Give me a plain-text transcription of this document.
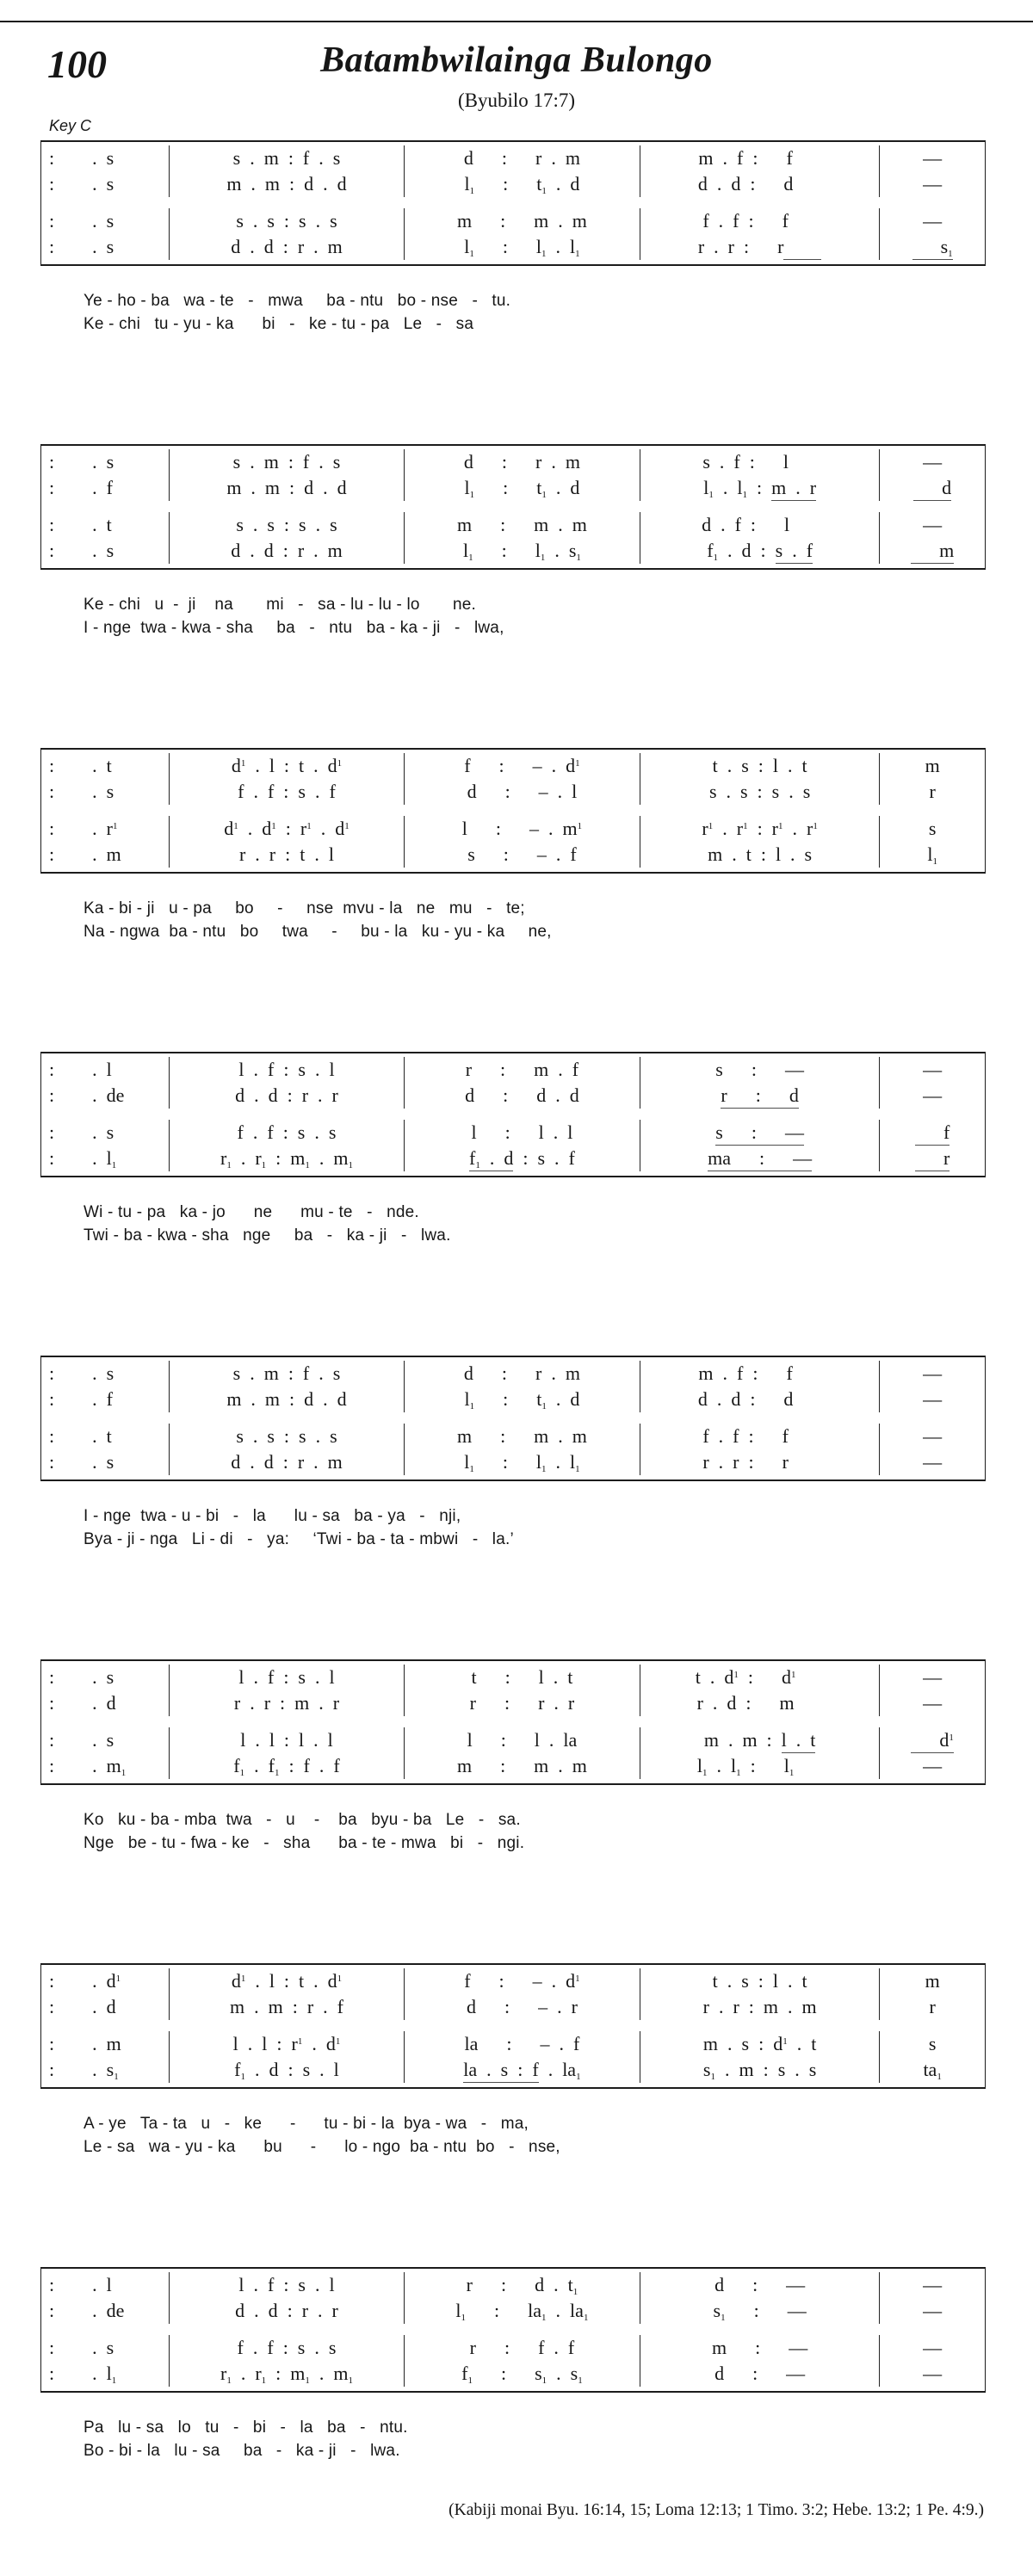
100	Batambwilainga Bulongo
(Byubilo 17:7)
Key C
:        .  s	s  .  m  :  f  .  s	d      :      r  .  m	m  .  f  :      f	—
:        .  s	m  .  m  :  d  .  d	$l_1$      :      $t_1$  .  d	d  .  d  :      d	—
:        .  s	s  .  s  :  s  .  s	m      :      m  .  m	f  .  f  :      f	—
:        .  s	d  .  d  :  r  .  m	$l_1$      :      $l_1$  .  $l_1$	r  .  r  :      r	$s_1$
Ye - ho - ba   wa - te   -   mwa     ba - ntu   bo - nse   -   tu.
Ke - chi   tu - yu - ka      bi   -   ke - tu - pa   Le   -   sa
:        .  s	s  .  m  :  f  .  s	d      :      r  .  m	s  .  f  :      l	—
:        .  f	m  .  m  :  d  .  d	$l_1$      :      $t_1$  .  d	$l_1$  .  $l_1$  :  m  .  r	d
:        .  t	s  .  s  :  s  .  s	m      :      m  .  m	d  .  f  :      l	—
:        .  s	d  .  d  :  r  .  m	$l_1$      :      $l_1$  .  $s_1$	$f_1$  .  d  :  s  .  f	m
Ke - chi   u  -  ji    na       mi   -   sa - lu - lu - lo       ne.
I - nge  twa - kwa - sha     ba   -   ntu   ba - ka - ji   -   lwa,
:        .  t	$d^1$  .  l  :  t  .  $d^1$	f      :      –  .  $d^1$	t  .  s  :  l  .  t	m
:        .  s	f  .  f  :  s  .  f	d      :      –  .  l	s  .  s  :  s  .  s	r
:        .  $r^1$	$d^1$  .  $d^1$  :  $r^1$  .  $d^1$	l      :      –  .  $m^1$	$r^1$  .  $r^1$  :  $r^1$  .  $r^1$	s
:        .  m	r  .  r  :  t  .  l	s      :      –  .  f	m  .  t  :  l  .  s	$l_1$
Ka - bi - ji   u - pa     bo     -     nse  mvu - la   ne   mu   -   te;
Na - ngwa  ba - ntu   bo     twa     -     bu - la   ku - yu - ka     ne,
:        .  l	l  .  f  :  s  .  l	r      :      m  .  f	s      :      —	—
:        .  de	d  .  d  :  r  .  r	d      :      d  .  d	r      :      d	—
:        .  s	f  .  f  :  s  .  s	l      :      l  .  l	s      :      —	f
:        .  $l_1$	$r_1$  .  $r_1$  :  $m_1$  .  $m_1$	$f_1$  .  d  :  s  .  f	ma      :      —	r
Wi - tu - pa   ka - jo      ne      mu - te   -   nde.
Twi - ba - kwa - sha   nge     ba   -   ka - ji   -   lwa.
:        .  s	s  .  m  :  f  .  s	d      :      r  .  m	m  .  f  :      f	—
:        .  f	m  .  m  :  d  .  d	$l_1$      :      $t_1$  .  d	d  .  d  :      d	—
:        .  t	s  .  s  :  s  .  s	m      :      m  .  m	f  .  f  :      f	—
:        .  s	d  .  d  :  r  .  m	$l_1$      :      $l_1$  .  $l_1$	r  .  r  :      r	—
I - nge  twa - u - bi   -   la      lu - sa   ba - ya   -   nji,
Bya - ji - nga   Li - di   -   ya:     ‘Twi - ba - ta - mbwi   -   la.’
:        .  s	l  .  f  :  s  .  l	t      :      l  .  t	t  .  $d^1$  :      $d^1$	—
:        .  d	r  .  r  :  m  .  r	r      :      r  .  r	r  .  d  :      m	—
:        .  s	l  .  l  :  l  .  l	l      :      l  .  la	m  .  m  :  l  .  t	$d^1$
:        .  $m_1$	$f_1$  .  $f_1$  :  f  .  f	m      :      m  .  m	$l_1$  .  $l_1$  :      $l_1$	—
Ko   ku - ba - mba  twa   -   u    -    ba   byu - ba   Le   -   sa.
Nge   be - tu - fwa - ke   -   sha      ba - te - mwa   bi   -   ngi.
:        .  $d^1$	$d^1$  .  l  :  t  .  $d^1$	f      :      –  .  $d^1$	t  .  s  :  l  .  t	m
:        .  d	m  .  m  :  r  .  f	d      :      –  .  r	r  .  r  :  m  .  m	r
:        .  m	l  .  l  :  $r^1$  .  $d^1$	la      :      –  .  f	m  .  s  :  $d^1$  .  t	s
:        .  $s_1$	$f_1$  .  d  :  s  .  l	la  .  s  :  f  .  $la_1$	$s_1$  .  m  :  s  .  s	$ta_1$
A - ye   Ta - ta   u   -   ke      -      tu - bi - la  bya - wa   -   ma,
Le - sa   wa - yu - ka      bu      -      lo - ngo  ba - ntu  bo   -   nse,
:        .  l	l  .  f  :  s  .  l	r      :      d  .  $t_1$	d      :      —	—
:        .  de	d  .  d  :  r  .  r	$l_1$      :      $la_1$  .  $la_1$	$s_1$      :      —	—
:        .  s	f  .  f  :  s  .  s	r      :      f  .  f	m      :      —	—
:        .  $l_1$	$r_1$  .  $r_1$  :  $m_1$  .  $m_1$	$f_1$      :      $s_1$  .  $s_1$	d      :      —	—
Pa   lu - sa   lo   tu   -   bi   -   la   ba   -   ntu.
Bo - bi - la   lu - sa     ba   -   ka - ji   -   lwa.
(Kabiji monai Byu. 16:14, 15; Loma 12:13; 1 Timo. 3:2; Hebe. 13:2; 1 Pe. 4:9.)
